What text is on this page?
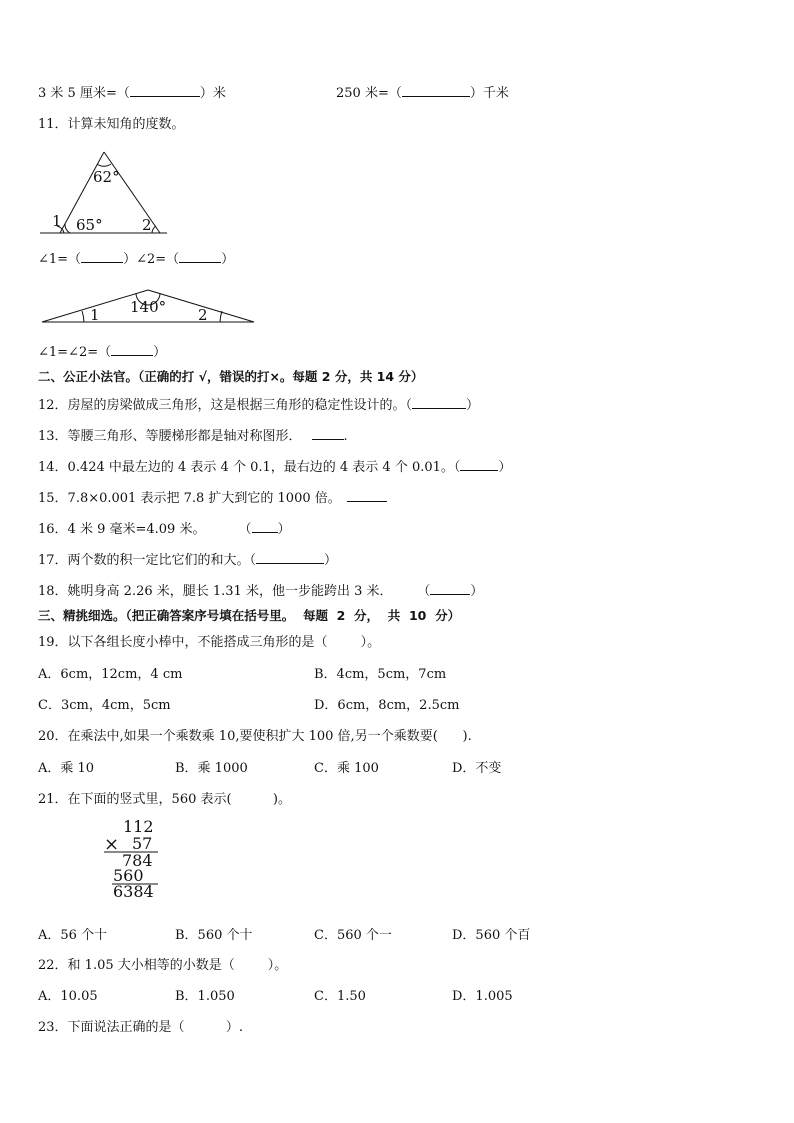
3 米 5 厘米=（	）米	250 米=（	）千米
11．计算未知角的度数。
62°
1 65°	2
∠1=（	）∠2=（	）
140°
1	2
∠1=∠2=（	）
二、公正小法官。（正确的打 √，错误的打×。每题 2 分，共 14 分）
12．房屋的房梁做成三角形，这是根据三角形的稳定性设计的。（	）
13．等腰三角形、等腰梯形都是轴对称图形．	.
14．0.424 中最左边的 4 表示 4 个 0.1，最右边的 4 表示 4 个 0.01。（	）
15．7.8×0.001 表示把 7.8 扩大到它的 1000 倍。
16．4 米 9 毫米=4.09 米。        （ ）
17．两个数的积一定比它们的和大。（	）
18．姚明身高 2.26 米，腿长 1.31 米，他一步能跨出 3 米．      （	）
三、精挑细选。（把正确答案序号填在括号里。  每题  2  分，  共  10  分）
19．以下各组长度小棒中，不能搭成三角形的是（        ）。
A．6cm，12cm，4 cm	B．4cm，5cm，7cm
C．3cm，4cm，5cm	D．6cm，8cm，2.5cm
20．在乘法中,如果一个乘数乘 10,要使积扩大 100 倍,另一个乘数要(      ).
A．乘 10	B．乘 1000	C．乘 100	D．不变
21．在下面的竖式里，560 表示(          )。
112
× 57
784
560
6384
A．56 个十	B．560 个十	C．560 个一	D．560 个百
22．和 1.05 大小相等的小数是（        ）。
A．10.05	B．1.050	C．1.50	D．1.005
23．下面说法正确的是（          ）.
